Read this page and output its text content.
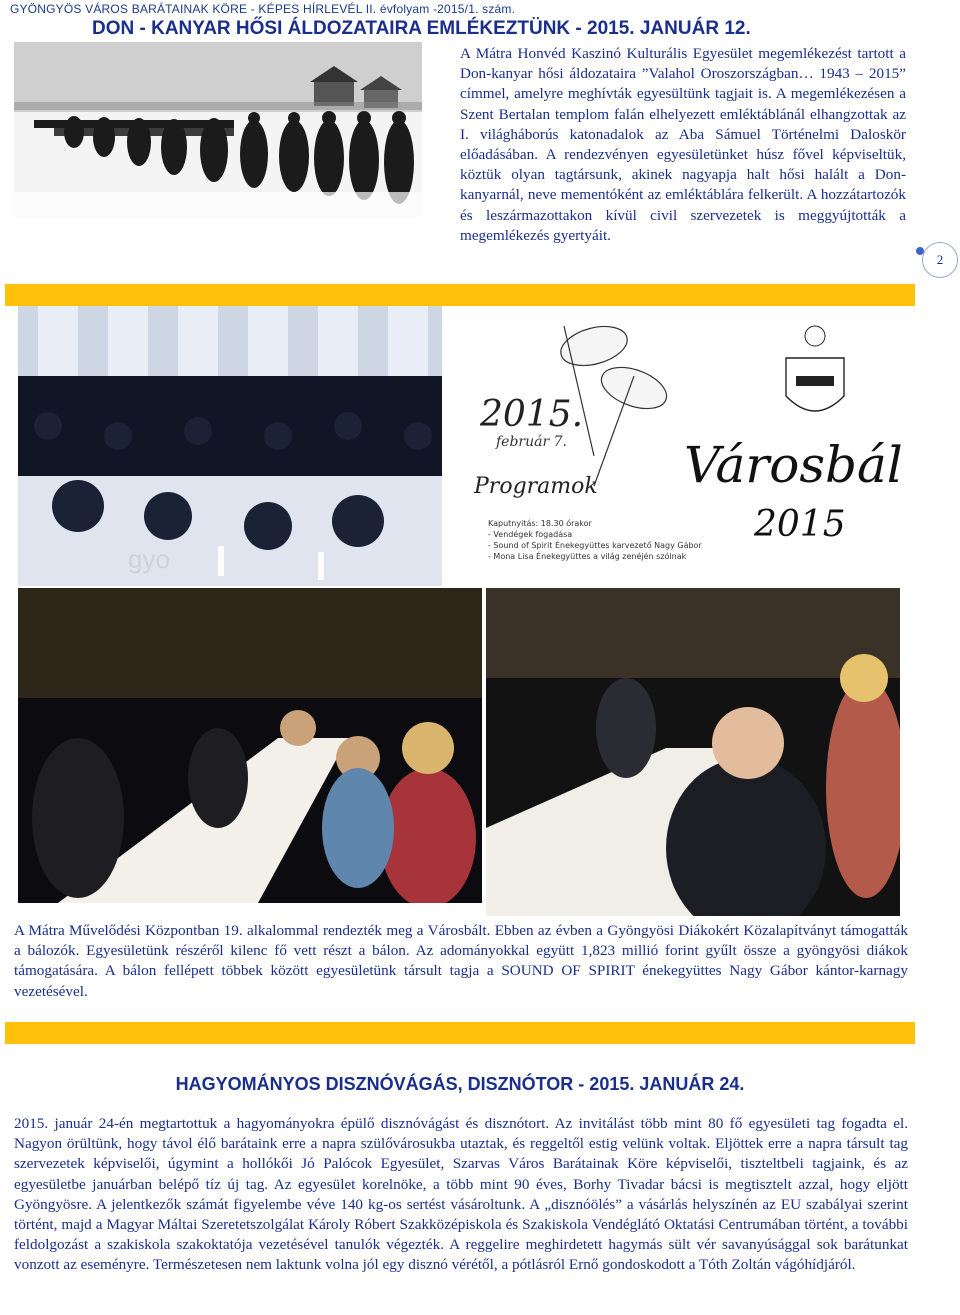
GYÖNGYÖS VÁROS BARÁTAINAK KÖRE - KÉPES HÍRLEVÉL II. évfolyam -2015/1. szám.
DON - KANYAR HŐSI ÁLDOZATAIRA EMLÉKEZTÜNK - 2015. JANUÁR 12.
A Mátra Honvéd Kaszinó Kulturális Egyesület megemlékezést tartott a Don-kanyar hősi áldozataira ”Valahol Oroszországban… 1943 – 2015” címmel, amelyre meghívták egyesültünk tagjait is. A megemlékezésen a Szent Bertalan templom falán elhelyezett emléktáblánál elhangzottak az I. világháborús katonadalok az Aba Sámuel Történelmi Daloskör előadásában. A rendezvényen egyesületünket húsz fővel képviseltük, köztük olyan tagtársunk, akinek nagyapja halt hősi halált a Don-kanyarnál, neve mementóként az emléktáblára felkerült. A hozzátartozók és leszármazottakon kívül civil szervezetek is meggyújtották a megemlékezés gyertyáit.
2
gyo
2015.
február 7.
Programok
Kaputnyitás: 18.30 órakor
- Vendégek fogadása
- Sound of Spirit Énekegyüttes karvezető Nagy Gábor
- Mona Lisa Énekegyüttes a világ zenéjén szólnak
Városbál
2015
A Mátra Művelődési Központban 19. alkalommal rendezték meg a Városbált. Ebben az évben a Gyöngyösi Diákokért Közalapítványt támogatták a bálozók. Egyesületünk részéről kilenc fő vett részt a bálon. Az adományokkal együtt 1,823 millió forint gyűlt össze a gyöngyösi diákok támogatására. A bálon fellépett többek között egyesületünk társult tagja a SOUND OF SPIRIT énekegyüttes Nagy Gábor kántor-karnagy vezetésével.
HAGYOMÁNYOS DISZNÓVÁGÁS, DISZNÓTOR - 2015. JANUÁR 24.
2015. január 24-én megtartottuk a hagyományokra épülő disznóvágást és disznótort. Az invitálást több mint 80 fő egyesületi tag fogadta el. Nagyon örültünk, hogy távol élő barátaink erre a napra szülővárosukba utaztak, és reggeltől estig velünk voltak. Eljöttek erre a napra társult tag szervezetek képviselői, úgymint a hollókői Jó Palócok Egyesület, Szarvas Város Barátainak Köre képviselői, tiszteltbeli tagjaink, és az egyesületbe januárban belépő tíz új tag. Az egyesület korelnöke, a több mint 90 éves, Borhy Tivadar bácsi is megtisztelt azzal, hogy eljött Gyöngyösre. A jelentkezők számát figyelembe véve 140 kg-os sertést vásároltunk. A „disznóölés” a vásárlás helyszínén az EU szabályai szerint történt, majd a Magyar Máltai Szeretetszolgálat Károly Róbert Szakközépiskola és Szakiskola Vendéglátó Oktatási Centrumában történt, a további feldolgozást a szakiskola szakoktatója vezetésével tanulók végezték. A reggelire meghirdetett hagymás sült vér savanyúsággal sok barátunkat vonzott az eseményre. Természetesen nem laktunk volna jól egy disznó vérétől, a pótlásról Ernő gondoskodott a Tóth Zoltán vágóhídjáról.
